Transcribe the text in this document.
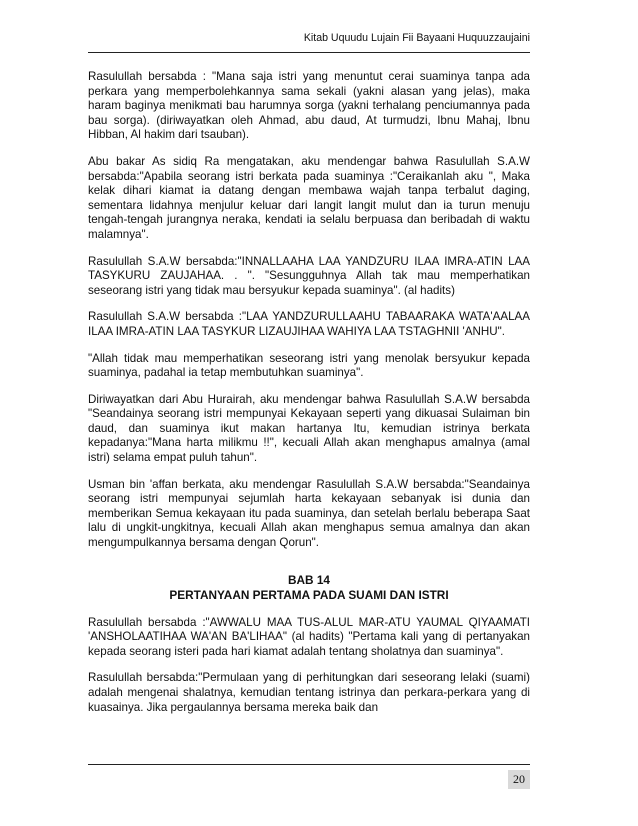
Kitab Uquudu Lujain Fii Bayaani Huquuzzaujaini

Rasulullah bersabda : "Mana saja istri yang menuntut cerai suaminya tanpa ada perkara yang memperbolehkannya sama sekali (yakni alasan yang jelas), maka haram baginya menikmati bau harumnya sorga (yakni terhalang penciumannya pada bau sorga). (diriwayatkan oleh Ahmad, abu daud, At turmudzi, Ibnu Mahaj, Ibnu Hibban, Al hakim dari tsauban).

Abu bakar As sidiq Ra mengatakan, aku mendengar bahwa Rasulullah S.A.W bersabda:"Apabila seorang istri berkata pada suaminya :"Ceraikanlah aku ", Maka kelak dihari kiamat ia datang dengan membawa wajah tanpa terbalut daging, sementara lidahnya menjulur keluar dari langit langit mulut dan ia turun menuju tengah-tengah jurangnya neraka, kendati ia selalu berpuasa dan beribadah di waktu malamnya".

Rasulullah S.A.W bersabda:"INNALLAAHA LAA YANDZURU ILAA IMRA-ATIN LAA TASYKURU ZAUJAHAA. . ". "Sesungguhnya Allah tak mau memperhatikan seseorang istri yang tidak mau bersyukur kepada suaminya". (al hadits)

Rasulullah S.A.W bersabda :"LAA YANDZURULLAAHU TABAARAKA WATA'AALAA ILAA IMRA-ATIN LAA TASYKUR LIZAUJIHAA WAHIYA LAA TSTAGHNII 'ANHU".

"Allah tidak mau memperhatikan seseorang istri yang menolak bersyukur kepada suaminya, padahal ia tetap membutuhkan suaminya".

Diriwayatkan dari Abu Hurairah, aku mendengar bahwa Rasulullah S.A.W bersabda "Seandainya seorang istri mempunyai Kekayaan seperti yang dikuasai Sulaiman bin daud, dan suaminya ikut makan hartanya Itu, kemudian istrinya berkata kepadanya:"Mana harta milikmu !!", kecuali Allah akan menghapus amalnya (amal istri) selama empat puluh tahun".

Usman bin 'affan berkata, aku mendengar Rasulullah S.A.W bersabda:"Seandainya seorang istri mempunyai sejumlah harta kekayaan sebanyak isi dunia dan memberikan Semua kekayaan itu pada suaminya, dan setelah berlalu beberapa Saat lalu di ungkit-ungkitnya, kecuali Allah akan menghapus semua amalnya dan akan mengumpulkannya bersama dengan Qorun".

BAB 14
PERTANYAAN PERTAMA PADA SUAMI DAN ISTRI

Rasulullah bersabda :"AWWALU MAA TUS-ALUL MAR-ATU YAUMAL QIYAAMATI 'ANSHOLAATIHAA WA'AN BA'LIHAA" (al hadits) "Pertama kali yang di pertanyakan kepada seorang isteri pada hari kiamat adalah tentang sholatnya dan suaminya".

Rasulullah bersabda:"Permulaan yang di perhitungkan dari seseorang lelaki (suami) adalah mengenai shalatnya, kemudian tentang istrinya dan perkara-perkara yang di kuasainya. Jika pergaulannya bersama mereka baik dan

20
